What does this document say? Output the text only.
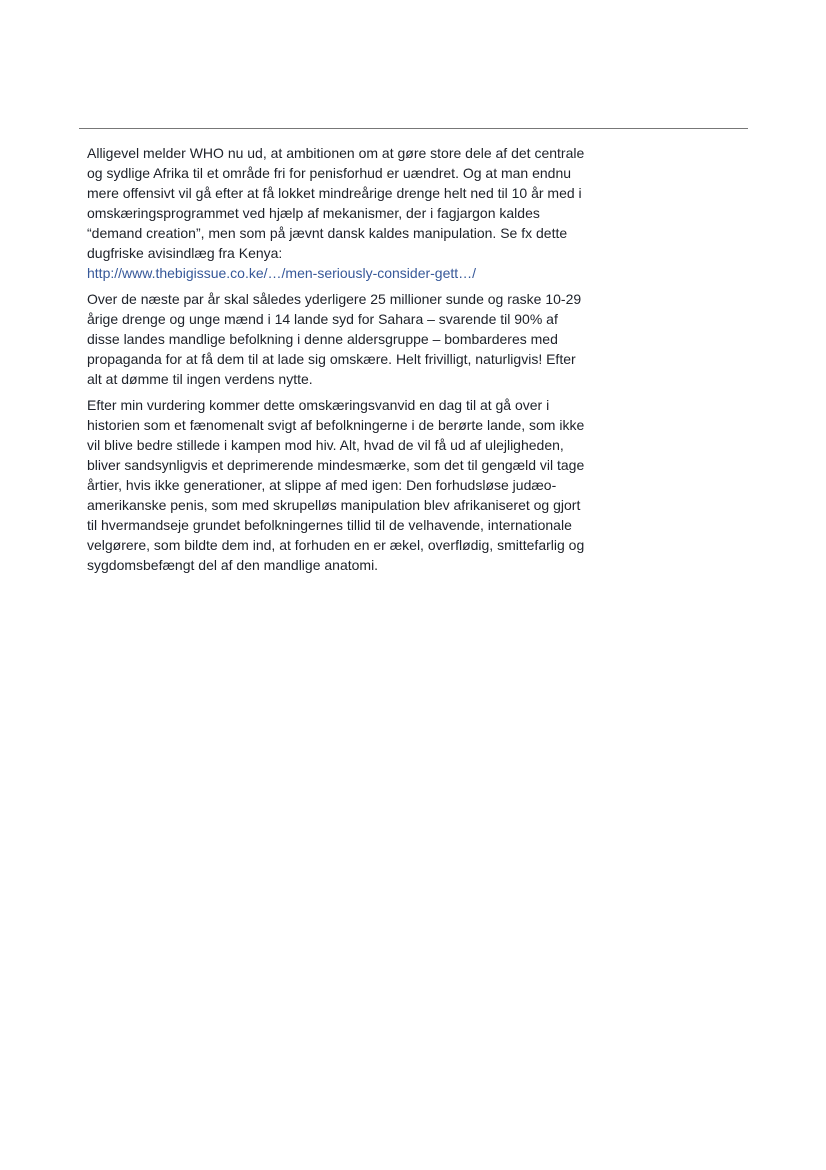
Alligevel melder WHO nu ud, at ambitionen om at gøre store dele af det centrale og sydlige Afrika til et område fri for penisforhud er uændret. Og at man endnu mere offensivt vil gå efter at få lokket mindreårige drenge helt ned til 10 år med i omskæringsprogrammet ved hjælp af mekanismer, der i fagjargon kaldes “demand creation”, men som på jævnt dansk kaldes manipulation. Se fx dette dugfriske avisindlæg fra Kenya:
http://www.thebigissue.co.ke/…/men-seriously-consider-gett…/

Over de næste par år skal således yderligere 25 millioner sunde og raske 10-29 årige drenge og unge mænd i 14 lande syd for Sahara – svarende til 90% af disse landes mandlige befolkning i denne aldersgruppe – bombarderes med propaganda for at få dem til at lade sig omskære. Helt frivilligt, naturligvis! Efter alt at dømme til ingen verdens nytte.

Efter min vurdering kommer dette omskæringsvanvid en dag til at gå over i historien som et fænomenalt svigt af befolkningerne i de berørte lande, som ikke vil blive bedre stillede i kampen mod hiv. Alt, hvad de vil få ud af ulejligheden, bliver sandsynligvis et deprimerende mindesmærke, som det til gengæld vil tage årtier, hvis ikke generationer, at slippe af med igen: Den forhudsløse judæo-amerikanske penis, som med skrupelløs manipulation blev afrikaniseret og gjort til hvermandseje grundet befolkningernes tillid til de velhavende, internationale velgørere, som bildte dem ind, at forhuden en er ækel, overflødig, smittefarlig og sygdomsbefængt del af den mandlige anatomi.
